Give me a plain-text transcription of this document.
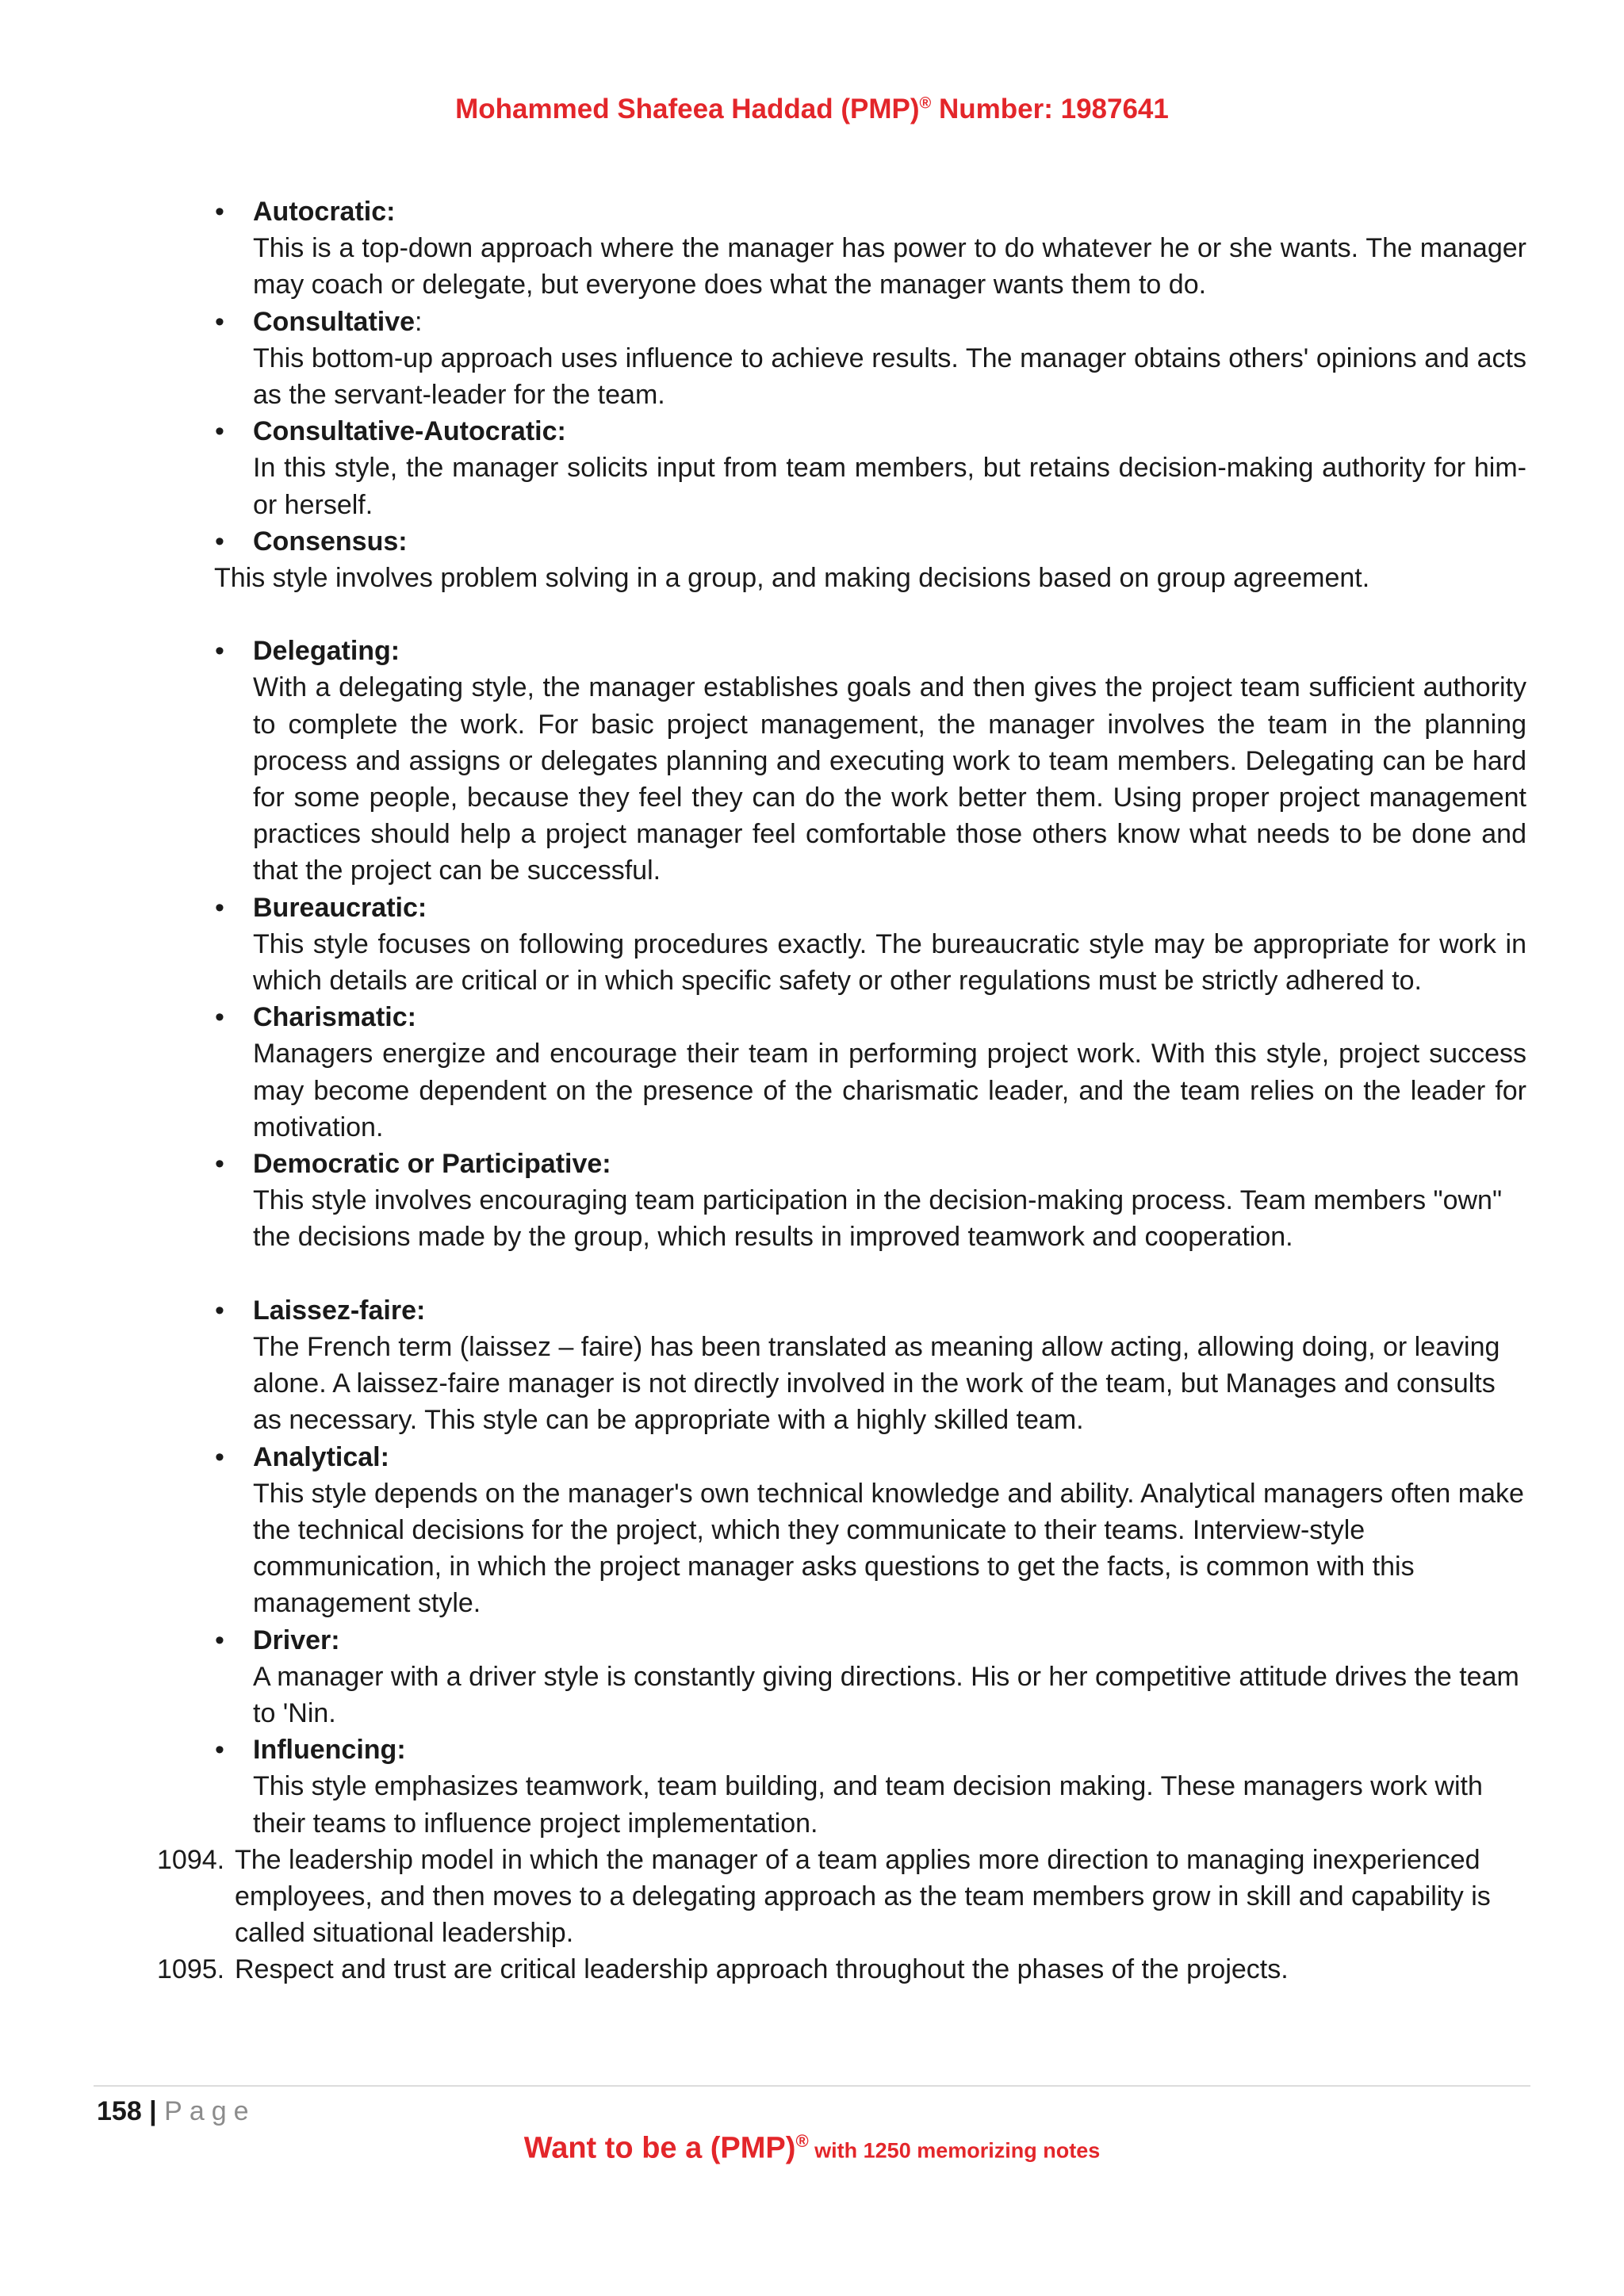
Mohammed Shafeea Haddad (PMP)® Number: 1987641
• Autocratic:
This is a top-down approach where the manager has power to do whatever he or she wants. The manager may coach or delegate, but everyone does what the manager wants them to do.
• Consultative:
This bottom-up approach uses influence to achieve results. The manager obtains others' opinions and acts as the servant-leader for the team.
• Consultative-Autocratic:
In this style, the manager solicits input from team members, but retains decision-making authority for him- or herself.
• Consensus:
This style involves problem solving in a group, and making decisions based on group agreement.
• Delegating:
With a delegating style, the manager establishes goals and then gives the project team sufficient authority to complete the work. For basic project management, the manager involves the team in the planning process and assigns or delegates planning and executing work to team members. Delegating can be hard for some people, because they feel they can do the work better them. Using proper project management practices should help a project manager feel comfortable those others know what needs to be done and that the project can be successful.
• Bureaucratic:
This style focuses on following procedures exactly. The bureaucratic style may be appropriate for work in which details are critical or in which specific safety or other regulations must be strictly adhered to.
• Charismatic:
Managers energize and encourage their team in performing project work. With this style, project success may become dependent on the presence of the charismatic leader, and the team relies on the leader for motivation.
• Democratic or Participative:
This style involves encouraging team participation in the decision-making process. Team members "own" the decisions made by the group, which results in improved teamwork and cooperation.
• Laissez-faire:
The French term (laissez – faire) has been translated as meaning allow acting, allowing doing, or leaving alone. A laissez-faire manager is not directly involved in the work of the team, but Manages and consults as necessary. This style can be appropriate with a highly skilled team.
• Analytical:
This style depends on the manager's own technical knowledge and ability. Analytical managers often make the technical decisions for the project, which they communicate to their teams. Interview-style communication, in which the project manager asks questions to get the facts, is common with this management style.
• Driver:
A manager with a driver style is constantly giving directions. His or her competitive attitude drives the team to 'Nin.
• Influencing:
This style emphasizes teamwork, team building, and team decision making. These managers work with their teams to influence project implementation.
1094. The leadership model in which the manager of a team applies more direction to managing inexperienced employees, and then moves to a delegating approach as the team members grow in skill and capability is called situational leadership.
1095. Respect and trust are critical leadership approach throughout the phases of the projects.
158 | Page
Want to be a (PMP)® with 1250 memorizing notes
